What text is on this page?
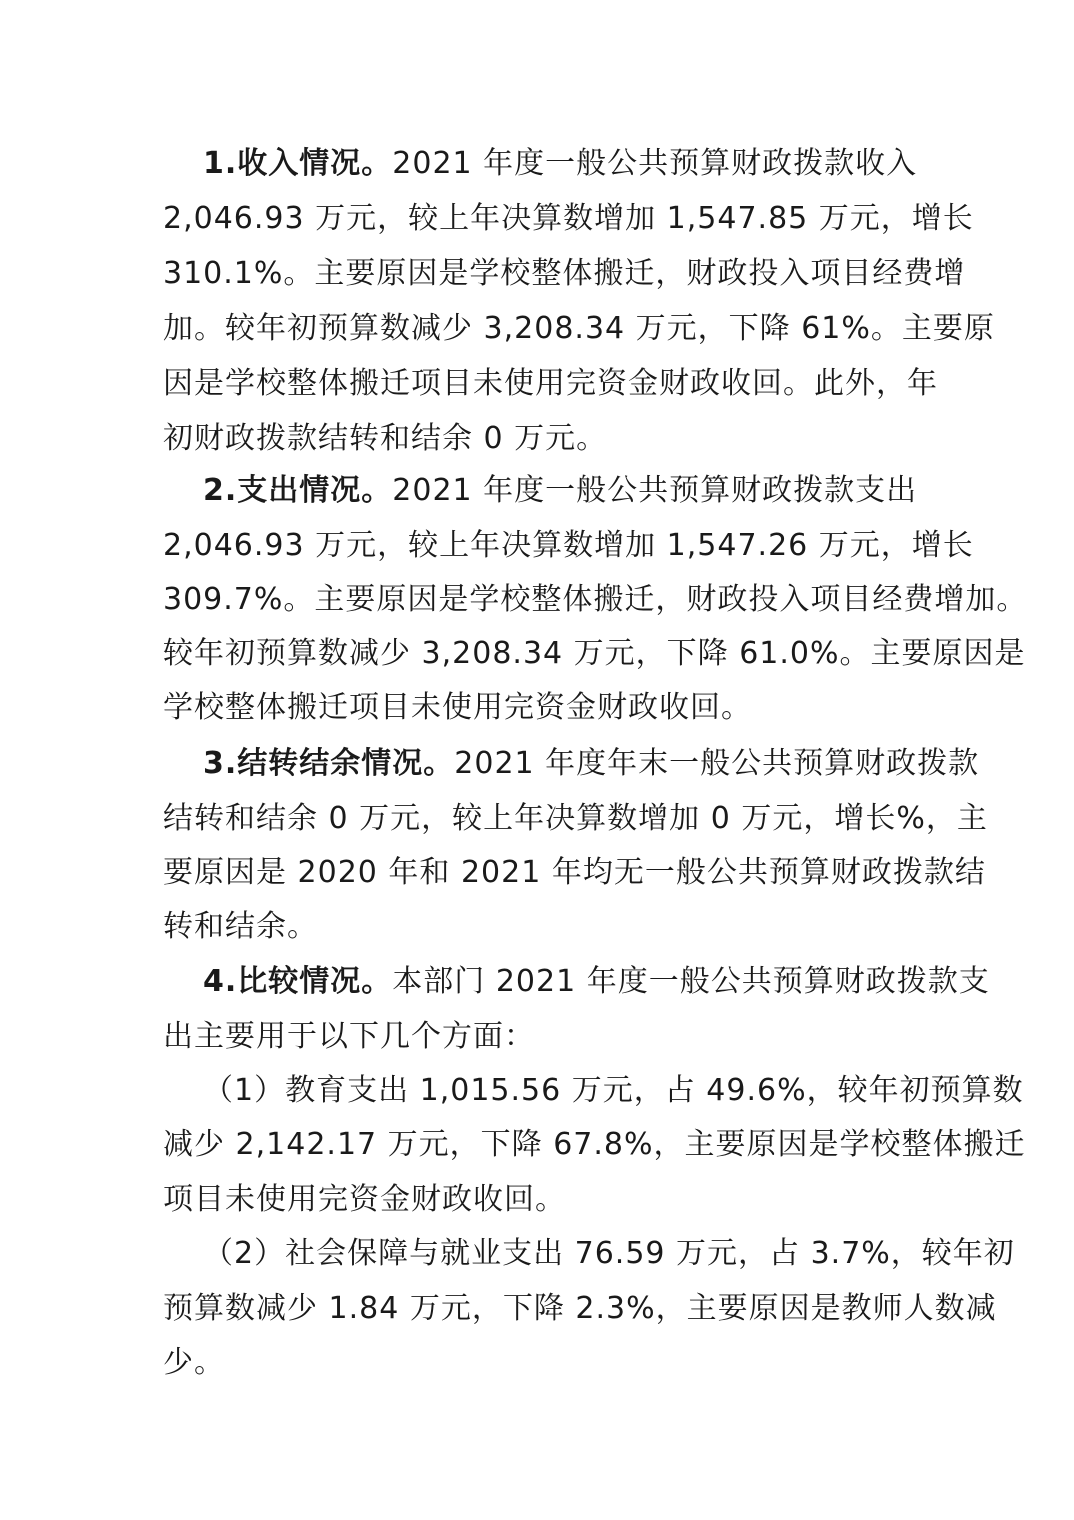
1.收入情况。2021 年度一般公共预算财政拨款收入
2,046.93 万元，较上年决算数增加 1,547.85 万元，增长
310.1%。主要原因是学校整体搬迁，财政投入项目经费增
加。较年初预算数减少 3,208.34 万元，下降 61%。主要原
因是学校整体搬迁项目未使用完资金财政收回。此外，年
初财政拨款结转和结余 0 万元。
2.支出情况。2021 年度一般公共预算财政拨款支出
2,046.93 万元，较上年决算数增加 1,547.26 万元，增长
309.7%。主要原因是学校整体搬迁，财政投入项目经费增加。
较年初预算数减少 3,208.34 万元，下降 61.0%。主要原因是
学校整体搬迁项目未使用完资金财政收回。
3.结转结余情况。2021 年度年末一般公共预算财政拨款
结转和结余 0 万元，较上年决算数增加 0 万元，增长%，主
要原因是 2020 年和 2021 年均无一般公共预算财政拨款结
转和结余。
4.比较情况。本部门 2021 年度一般公共预算财政拨款支
出主要用于以下几个方面：
（1）教育支出 1,015.56 万元，占 49.6%，较年初预算数
减少 2,142.17 万元，下降 67.8%，主要原因是学校整体搬迁
项目未使用完资金财政收回。
（2）社会保障与就业支出 76.59 万元，占 3.7%，较年初
预算数减少 1.84 万元，下降 2.3%，主要原因是教师人数减
少。
